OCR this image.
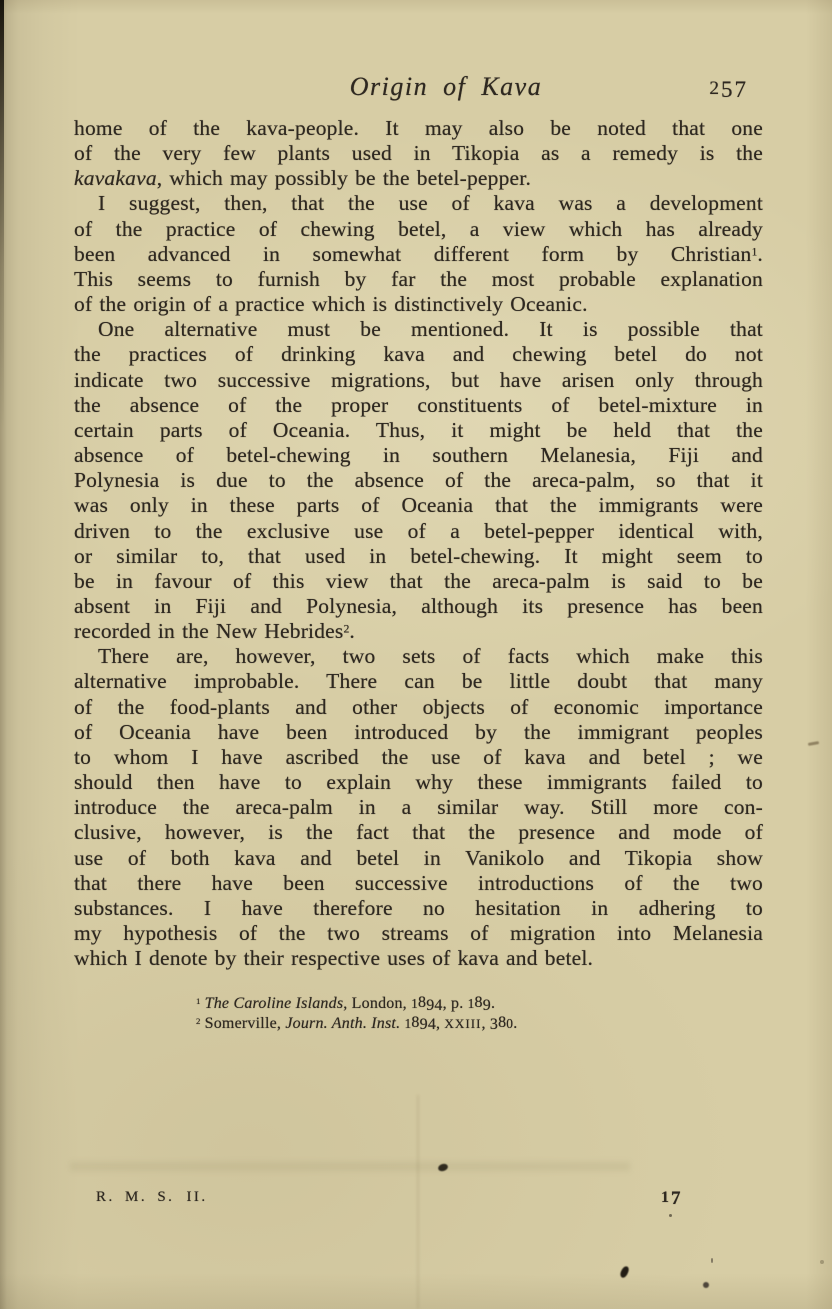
Origin of Kava	257
home of the kava-people. It may also be noted that one
of the very few plants used in Tikopia as a remedy is the
kavakava, which may possibly be the betel-pepper.
I suggest, then, that the use of kava was a development
of the practice of chewing betel, a view which has already
been advanced in somewhat different form by Christian$^1$.
This seems to furnish by far the most probable explanation
of the origin of a practice which is distinctively Oceanic.
One alternative must be mentioned. It is possible that
the practices of drinking kava and chewing betel do not
indicate two successive migrations, but have arisen only through
the absence of the proper constituents of betel-mixture in
certain parts of Oceania. Thus, it might be held that the
absence of betel-chewing in southern Melanesia, Fiji and
Polynesia is due to the absence of the areca-palm, so that it
was only in these parts of Oceania that the immigrants were
driven to the exclusive use of a betel-pepper identical with,
or similar to, that used in betel-chewing. It might seem to
be in favour of this view that the areca-palm is said to be
absent in Fiji and Polynesia, although its presence has been
recorded in the New Hebrides$^2$.
There are, however, two sets of facts which make this
alternative improbable. There can be little doubt that many
of the food-plants and other objects of economic importance
of Oceania have been introduced by the immigrant peoples
to whom I have ascribed the use of kava and betel ; we
should then have to explain why these immigrants failed to
introduce the areca-palm in a similar way. Still more con-
clusive, however, is the fact that the presence and mode of
use of both kava and betel in Vanikolo and Tikopia show
that there have been successive introductions of the two
substances. I have therefore no hesitation in adhering to
my hypothesis of the two streams of migration into Melanesia
which I denote by their respective uses of kava and betel.
$^1$ The Caroline Islands, London, 1894, p. 189.
$^2$ Somerville, Journ. Anth. Inst. 1894, XXIII, 380.
R. M. S. II.	17
